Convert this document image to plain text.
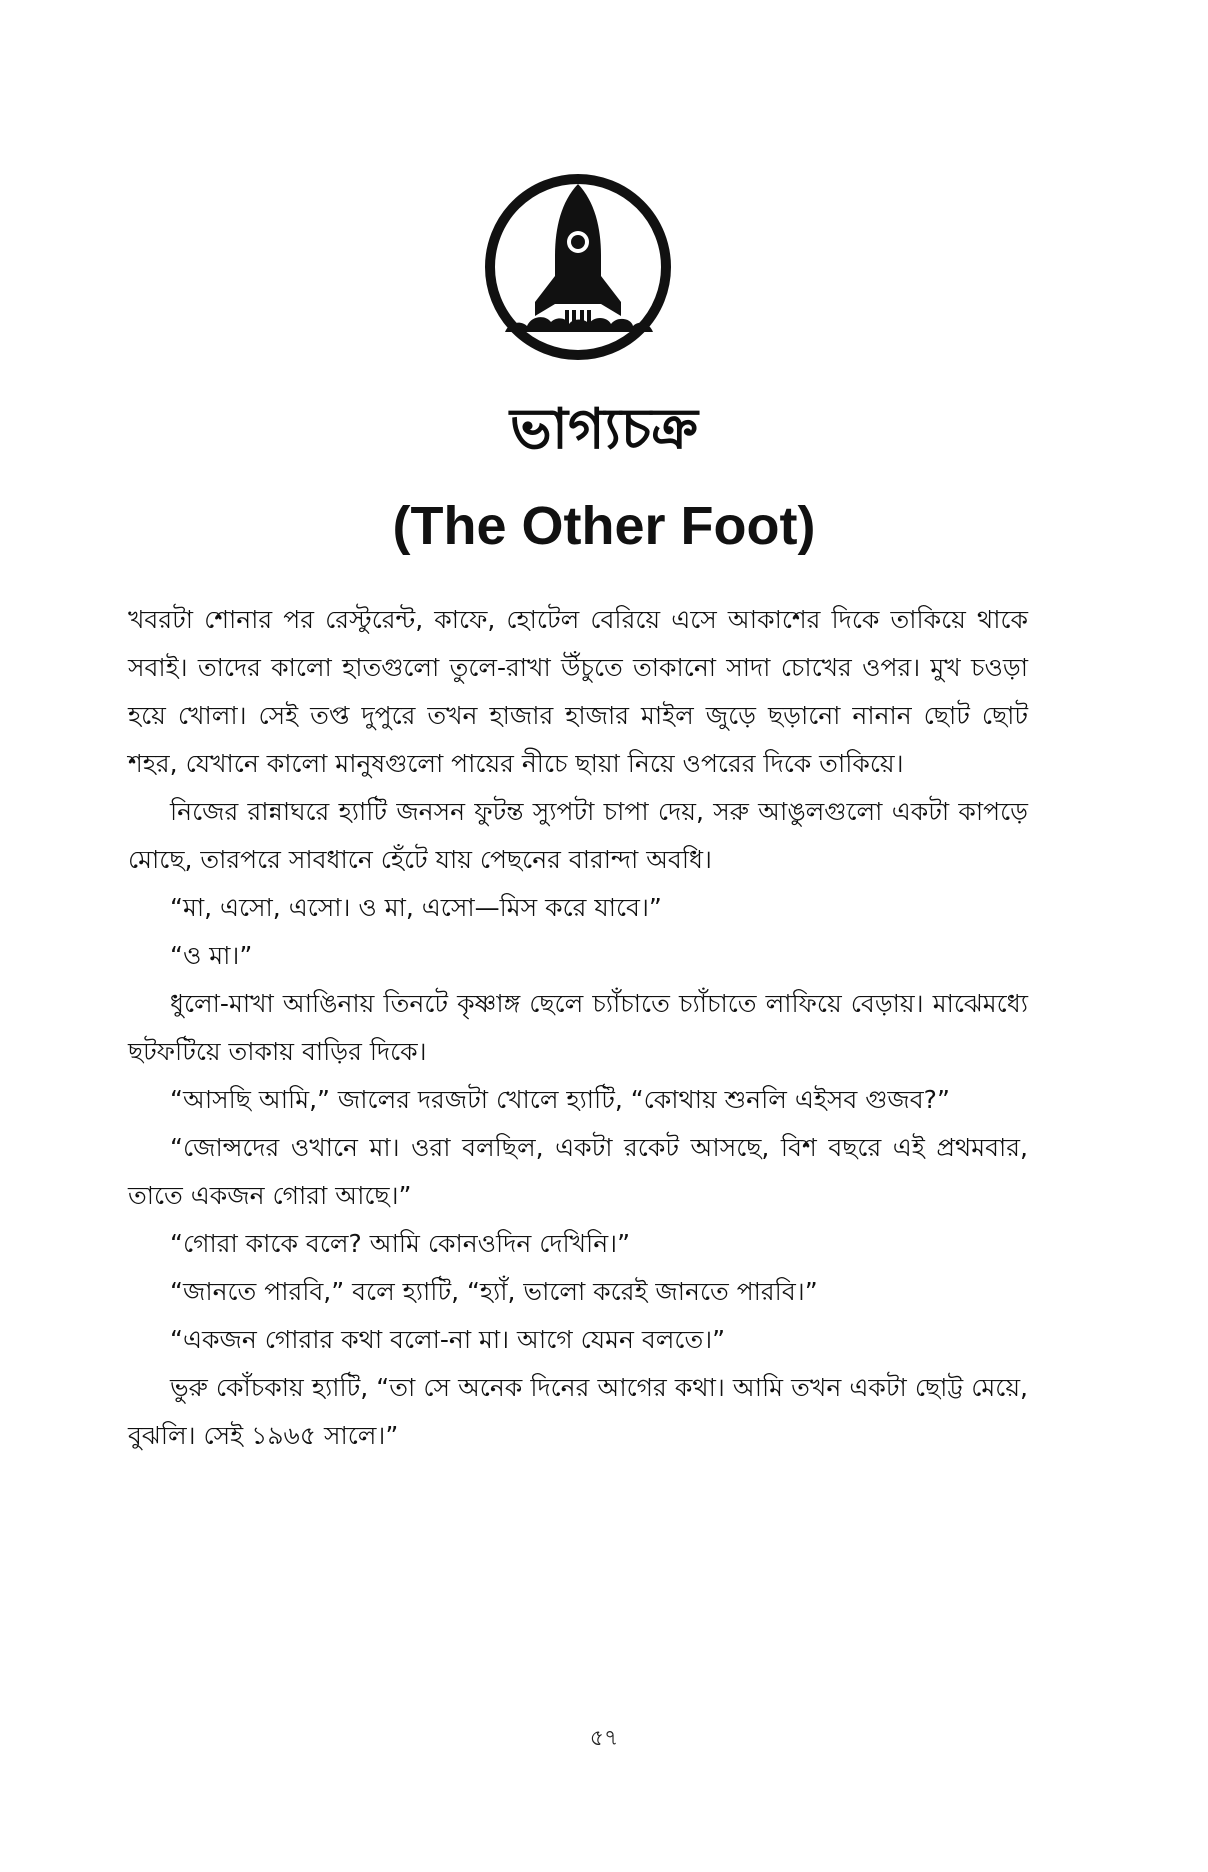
ভাগ্যচক্র
(The Other Foot)

খবরটা শোনার পর রেস্টুরেন্ট, কাফে, হোটেল বেরিয়ে এসে আকাশের দিকে তাকিয়ে থাকে সবাই। তাদের কালো হাতগুলো তুলে-রাখা উঁচুতে তাকানো সাদা চোখের ওপর। মুখ চওড়া হয়ে খোলা। সেই তপ্ত দুপুরে তখন হাজার হাজার মাইল জুড়ে ছড়ানো নানান ছোট ছোট শহর, যেখানে কালো মানুষগুলো পায়ের নীচে ছায়া নিয়ে ওপরের দিকে তাকিয়ে।

নিজের রান্নাঘরে হ্যাটি জনসন ফুটন্ত স্যুপটা চাপা দেয়, সরু আঙুলগুলো একটা কাপড়ে মোছে, তারপরে সাবধানে হেঁটে যায় পেছনের বারান্দা অবধি।

“মা, এসো, এসো। ও মা, এসো—মিস করে যাবে।”

“ও মা।”

ধুলো-মাখা আঙিনায় তিনটে কৃষ্ণাঙ্গ ছেলে চ্যাঁচাতে চ্যাঁচাতে লাফিয়ে বেড়ায়। মাঝেমধ্যে ছটফটিয়ে তাকায় বাড়ির দিকে।

“আসছি আমি,” জালের দরজটা খোলে হ্যাটি, “কোথায় শুনলি এইসব গুজব?”

“জোন্সদের ওখানে মা। ওরা বলছিল, একটা রকেট আসছে, বিশ বছরে এই প্রথমবার, তাতে একজন গোরা আছে।”

“গোরা কাকে বলে? আমি কোনওদিন দেখিনি।”

“জানতে পারবি,” বলে হ্যাটি, “হ্যাঁ, ভালো করেই জানতে পারবি।”

“একজন গোরার কথা বলো-না মা। আগে যেমন বলতে।”

ভুরু কোঁচকায় হ্যাটি, “তা সে অনেক দিনের আগের কথা। আমি তখন একটা ছোট্ট মেয়ে, বুঝলি। সেই ১৯৬৫ সালে।”

৫৭
